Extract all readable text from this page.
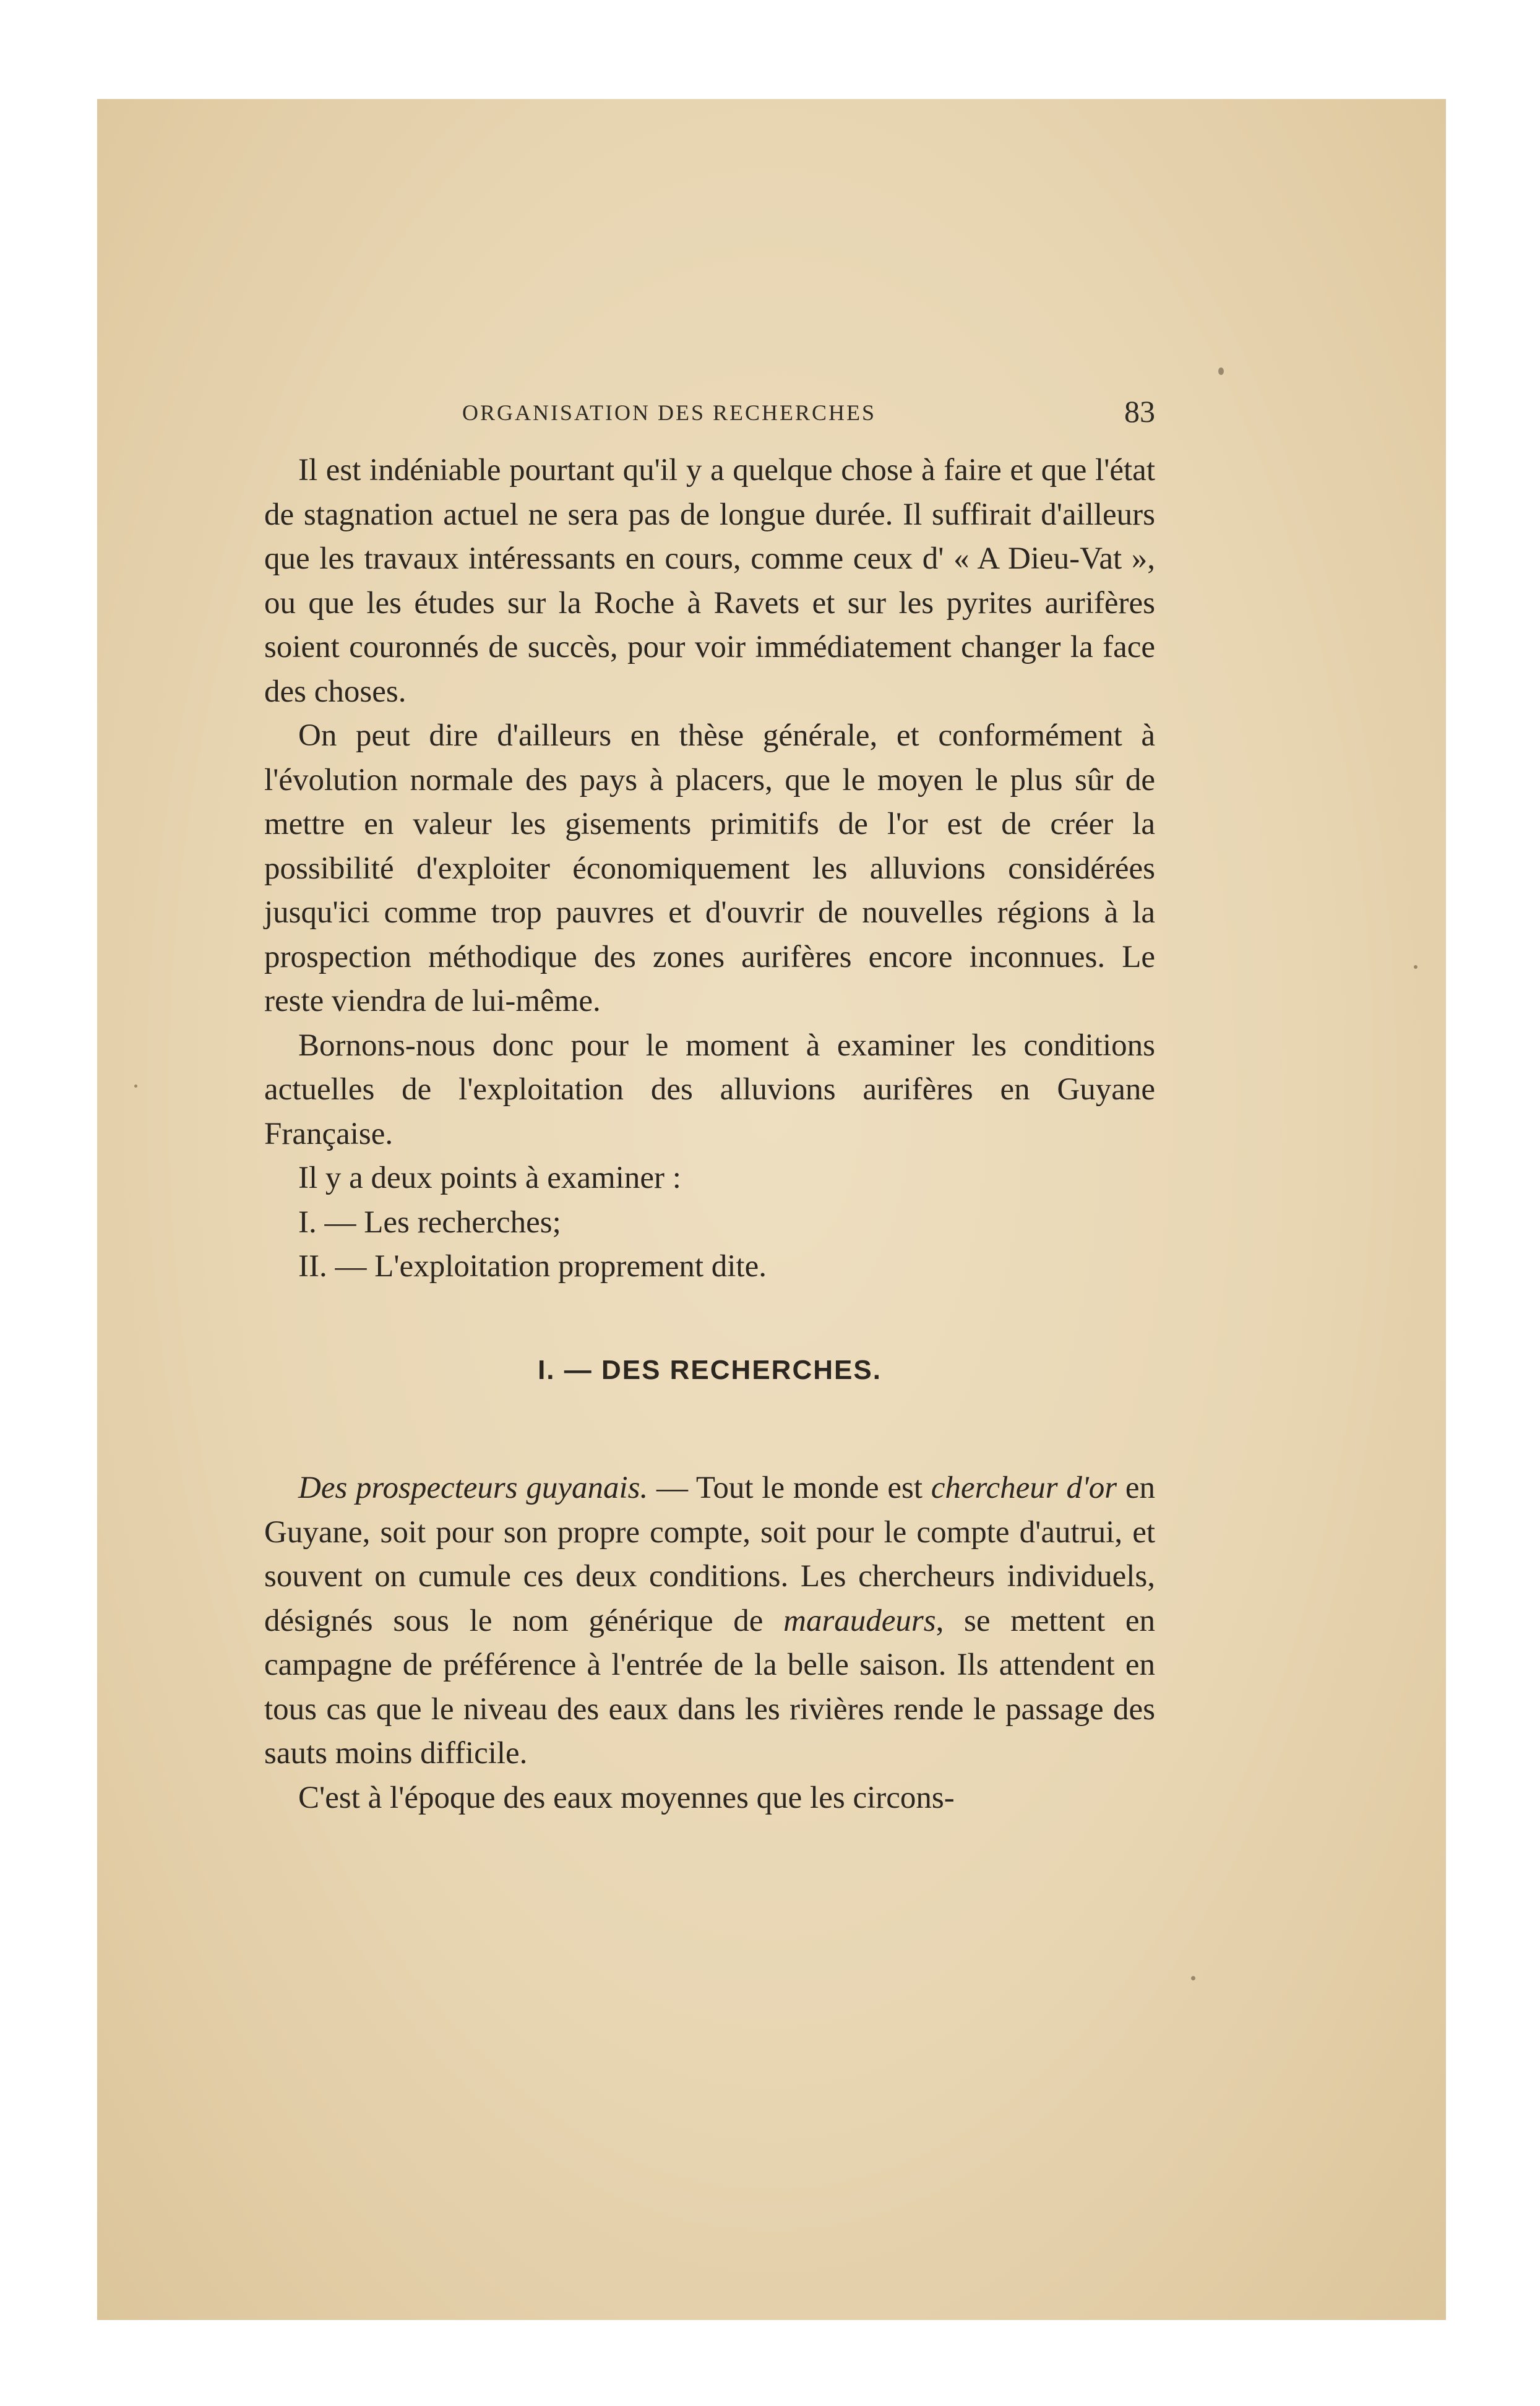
ORGANISATION DES RECHERCHES	83

Il est indéniable pourtant qu'il y a quelque chose à faire et que l'état de stagnation actuel ne sera pas de longue durée. Il suffirait d'ailleurs que les travaux intéressants en cours, comme ceux d' « A Dieu-Vat », ou que les études sur la Roche à Ravets et sur les pyrites aurifères soient couronnés de succès, pour voir immédiatement changer la face des choses.

On peut dire d'ailleurs en thèse générale, et conformément à l'évolution normale des pays à placers, que le moyen le plus sûr de mettre en valeur les gisements primitifs de l'or est de créer la possibilité d'exploiter économiquement les alluvions considérées jusqu'ici comme trop pauvres et d'ouvrir de nouvelles régions à la prospection méthodique des zones aurifères encore inconnues. Le reste viendra de lui-même.

Bornons-nous donc pour le moment à examiner les conditions actuelles de l'exploitation des alluvions aurifères en Guyane Française.

Il y a deux points à examiner :

I. — Les recherches;

II. — L'exploitation proprement dite.

I. — DES RECHERCHES.

Des prospecteurs guyanais. — Tout le monde est chercheur d'or en Guyane, soit pour son propre compte, soit pour le compte d'autrui, et souvent on cumule ces deux conditions. Les chercheurs individuels, désignés sous le nom générique de maraudeurs, se mettent en campagne de préférence à l'entrée de la belle saison. Ils attendent en tous cas que le niveau des eaux dans les rivières rende le passage des sauts moins difficile.

C'est à l'époque des eaux moyennes que les circons-
